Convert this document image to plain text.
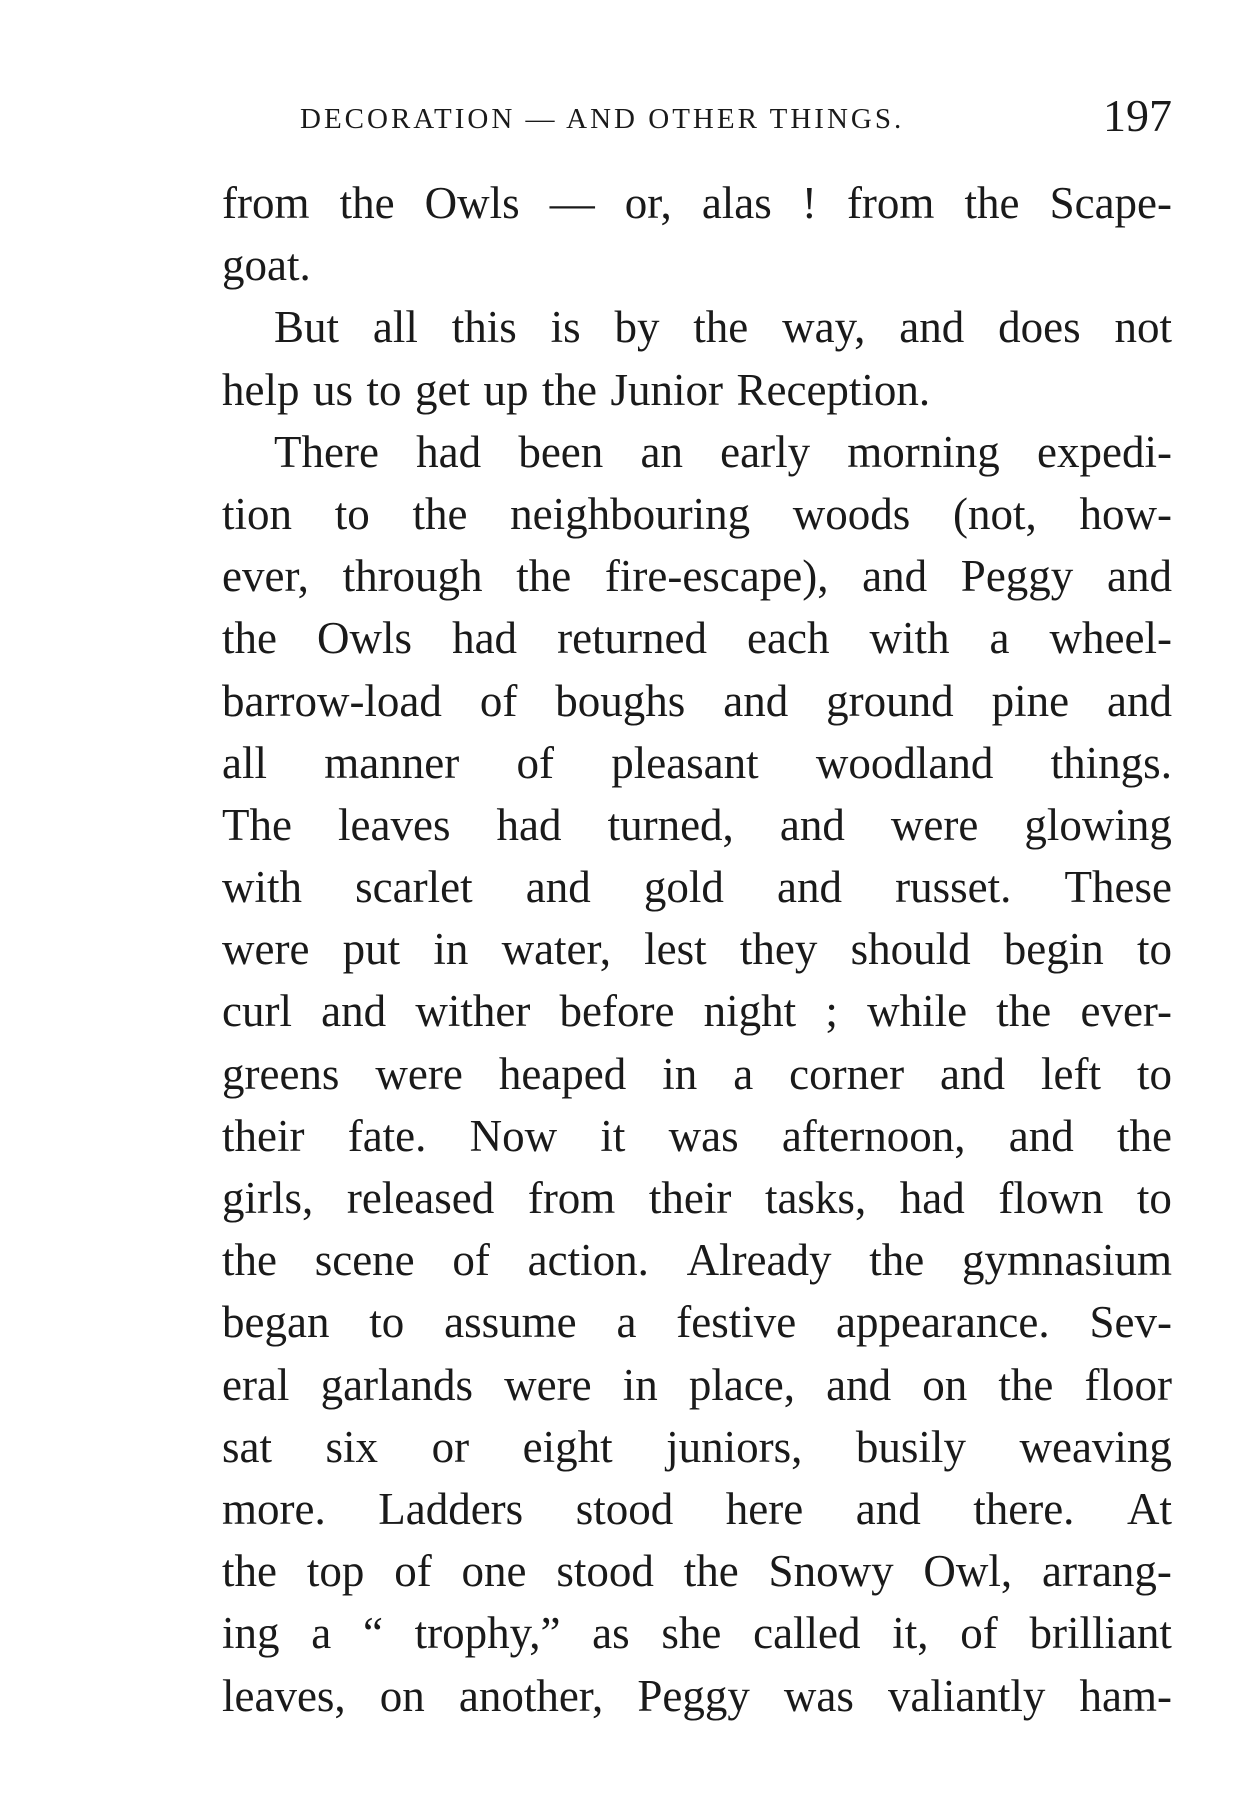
DECORATION — AND OTHER THINGS.	197
from the Owls — or, alas ! from the Scape-
goat.
But all this is by the way, and does not
help us to get up the Junior Reception.
There had been an early morning expedi-
tion to the neighbouring woods (not, how-
ever, through the fire-escape), and Peggy and
the Owls had returned each with a wheel-
barrow-load of boughs and ground pine and
all manner of pleasant woodland things.
The leaves had turned, and were glowing
with scarlet and gold and russet. These
were put in water, lest they should begin to
curl and wither before night ; while the ever-
greens were heaped in a corner and left to
their fate. Now it was afternoon, and the
girls, released from their tasks, had flown to
the scene of action. Already the gymnasium
began to assume a festive appearance. Sev-
eral garlands were in place, and on the floor
sat six or eight juniors, busily weaving
more. Ladders stood here and there. At
the top of one stood the Snowy Owl, arrang-
ing a “ trophy,” as she called it, of brilliant
leaves, on another, Peggy was valiantly ham-
